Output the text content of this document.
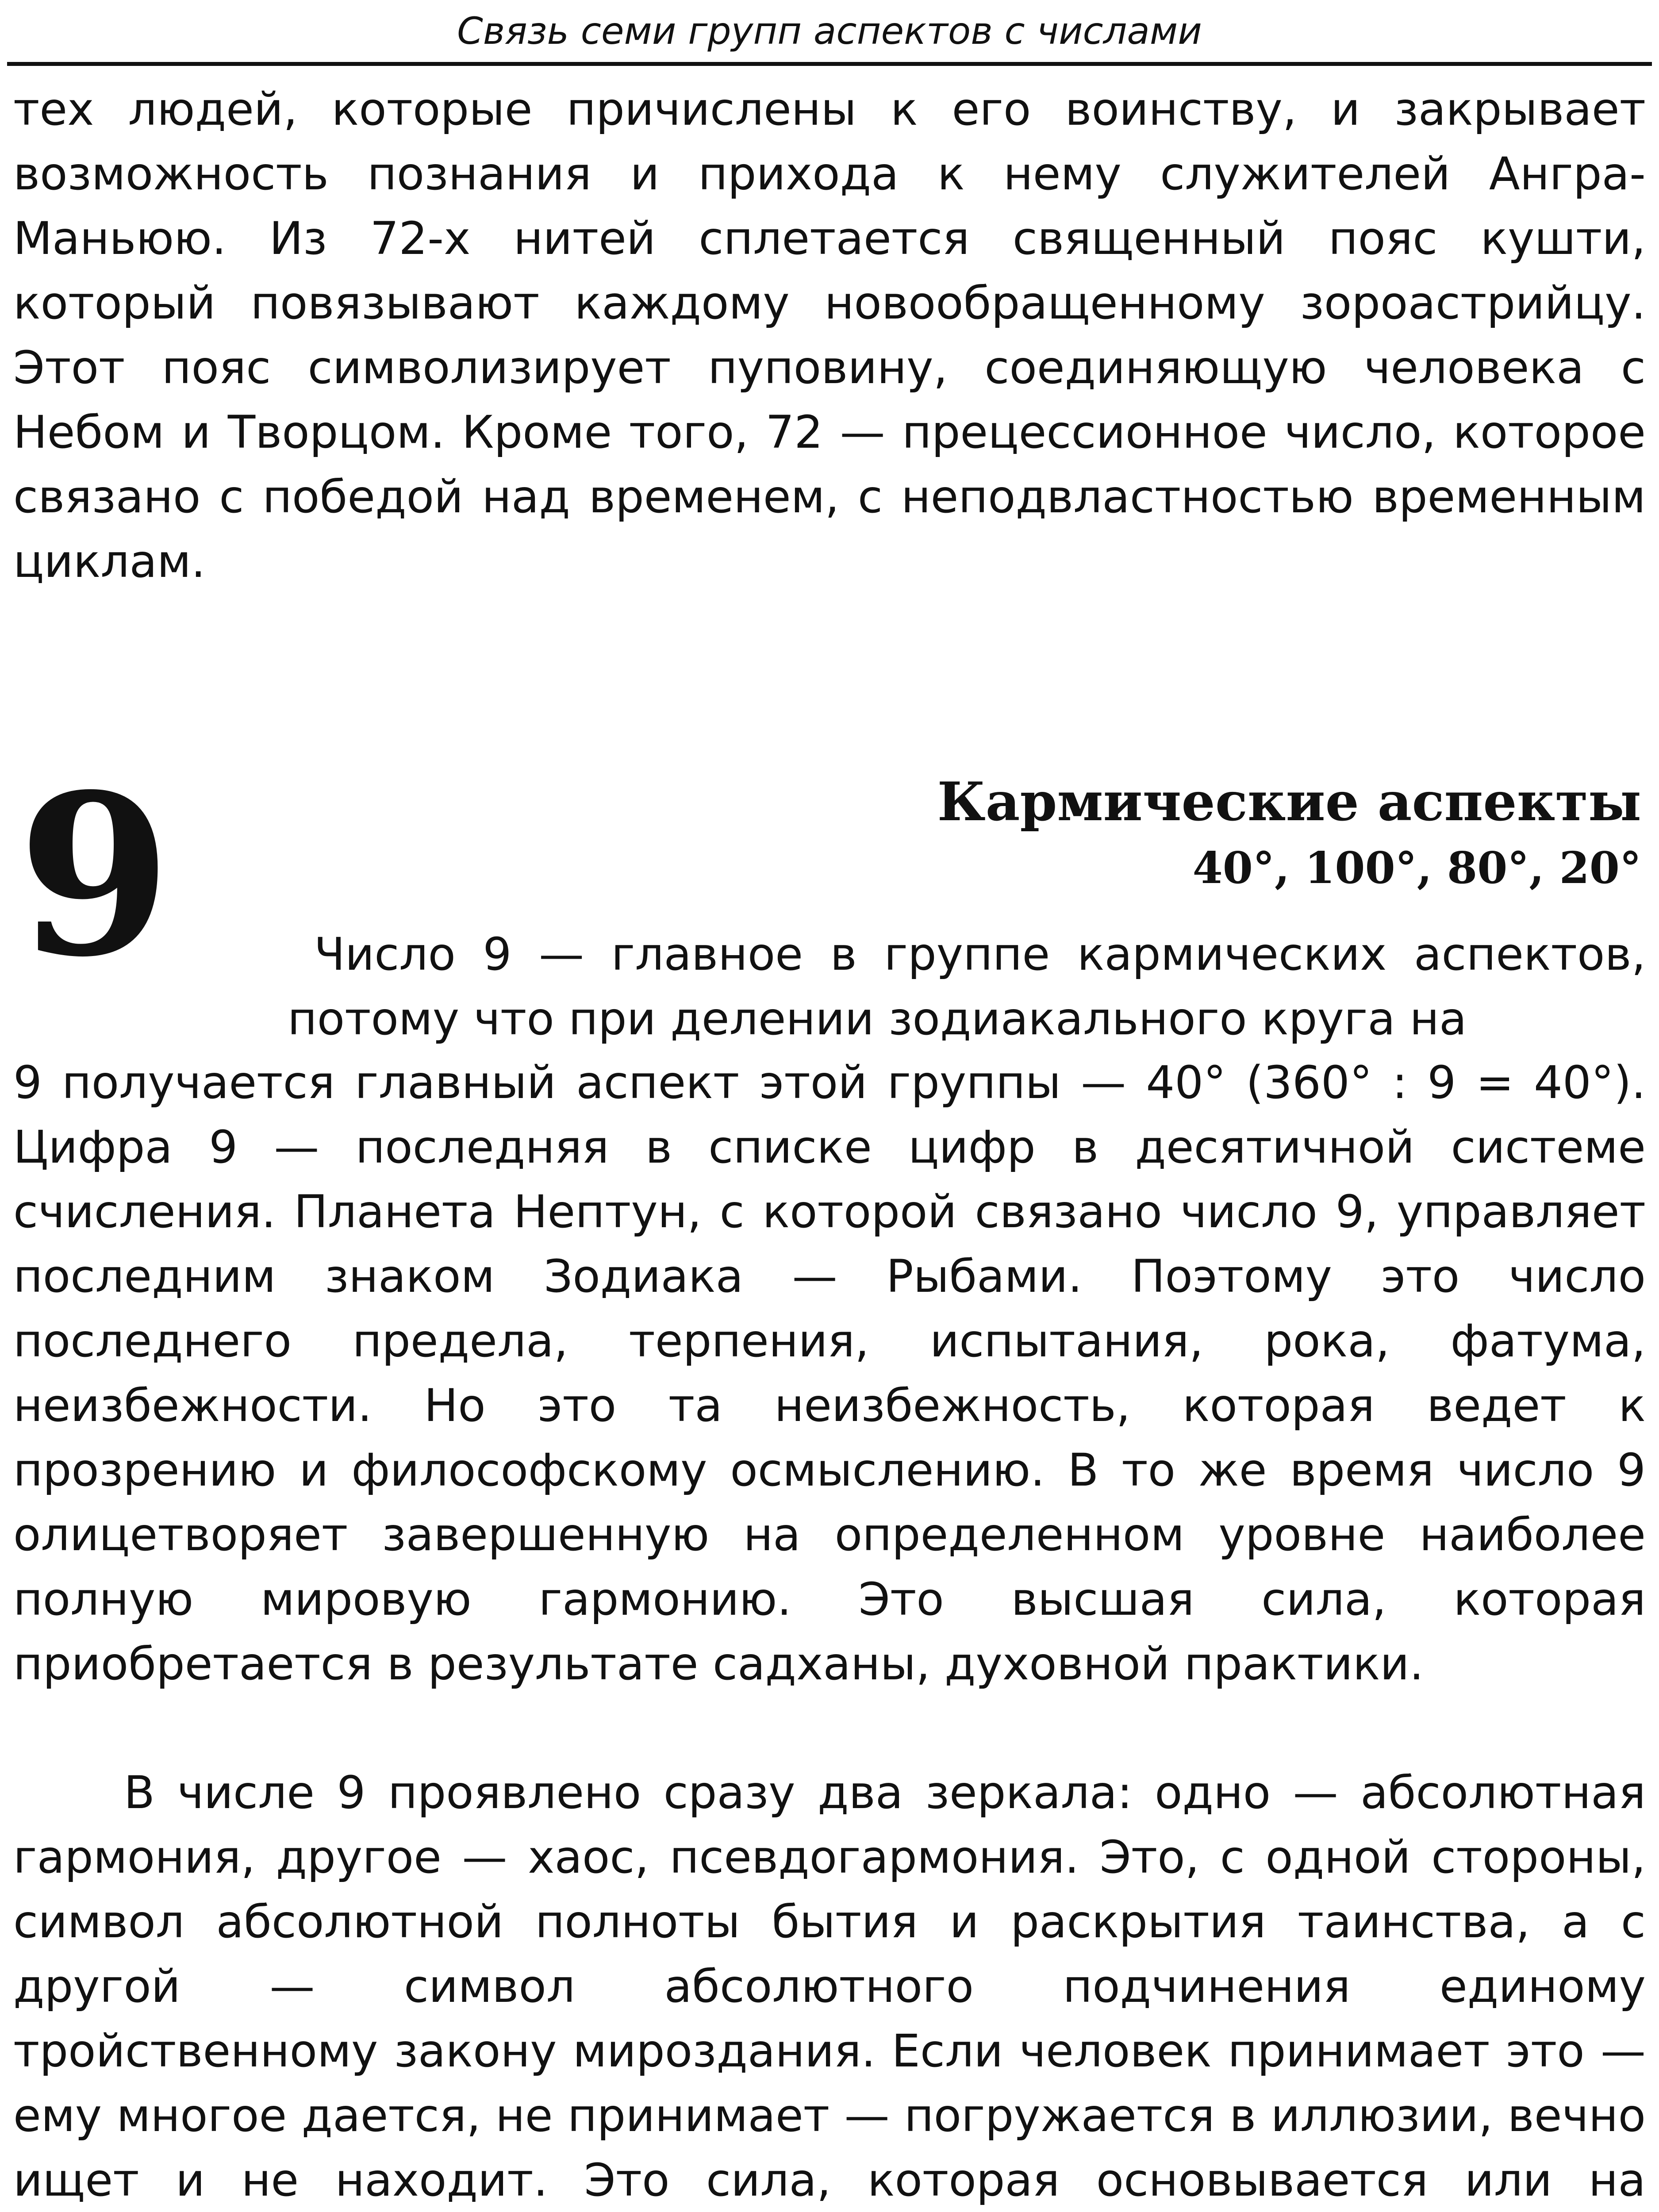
Связь семи групп аспектов с числами

тех людей, которые причислены к его воинству, и закрывает возможность познания и прихода к нему служителей Ангра-Маньюю. Из 72-х нитей сплетается священный пояс кушти, который повязывают каждому новообращенному зороастрийцу. Этот пояс символизирует пуповину, соединяющую человека с Небом и Творцом. Кроме того, 72 — прецессионное число, которое связано с победой над временем, с неподвластностью временным циклам.

9	Кармические аспекты
40°, 100°, 80°, 20°

Число 9 — главное в группе кармических аспектов, потому что при делении зодиакального круга на

9 получается главный аспект этой группы — 40° (360° : 9 = 40°). Цифра 9 — последняя в списке цифр в десятичной системе счисления. Планета Нептун, с которой связано число 9, управляет последним знаком Зодиака — Рыбами. Поэтому это число последнего предела, терпения, испытания, рока, фатума, неизбежности. Но это та неизбежность, которая ведет к прозрению и философскому осмыслению. В то же время число 9 олицетворяет завершенную на определенном уровне наиболее полную мировую гармонию. Это высшая сила, которая приобретается в результате садханы, духовной практики.

В числе 9 проявлено сразу два зеркала: одно — абсолютная гармония, другое — хаос, псевдогармония. Это, с одной стороны, символ абсолютной полноты бытия и раскрытия таинства, а с другой — символ абсолютного подчинения единому тройственному закону мироздания. Если человек принимает это — ему многое дается, не принимает — погружается в иллюзии, вечно ищет и не находит. Это сила, которая основывается или на
